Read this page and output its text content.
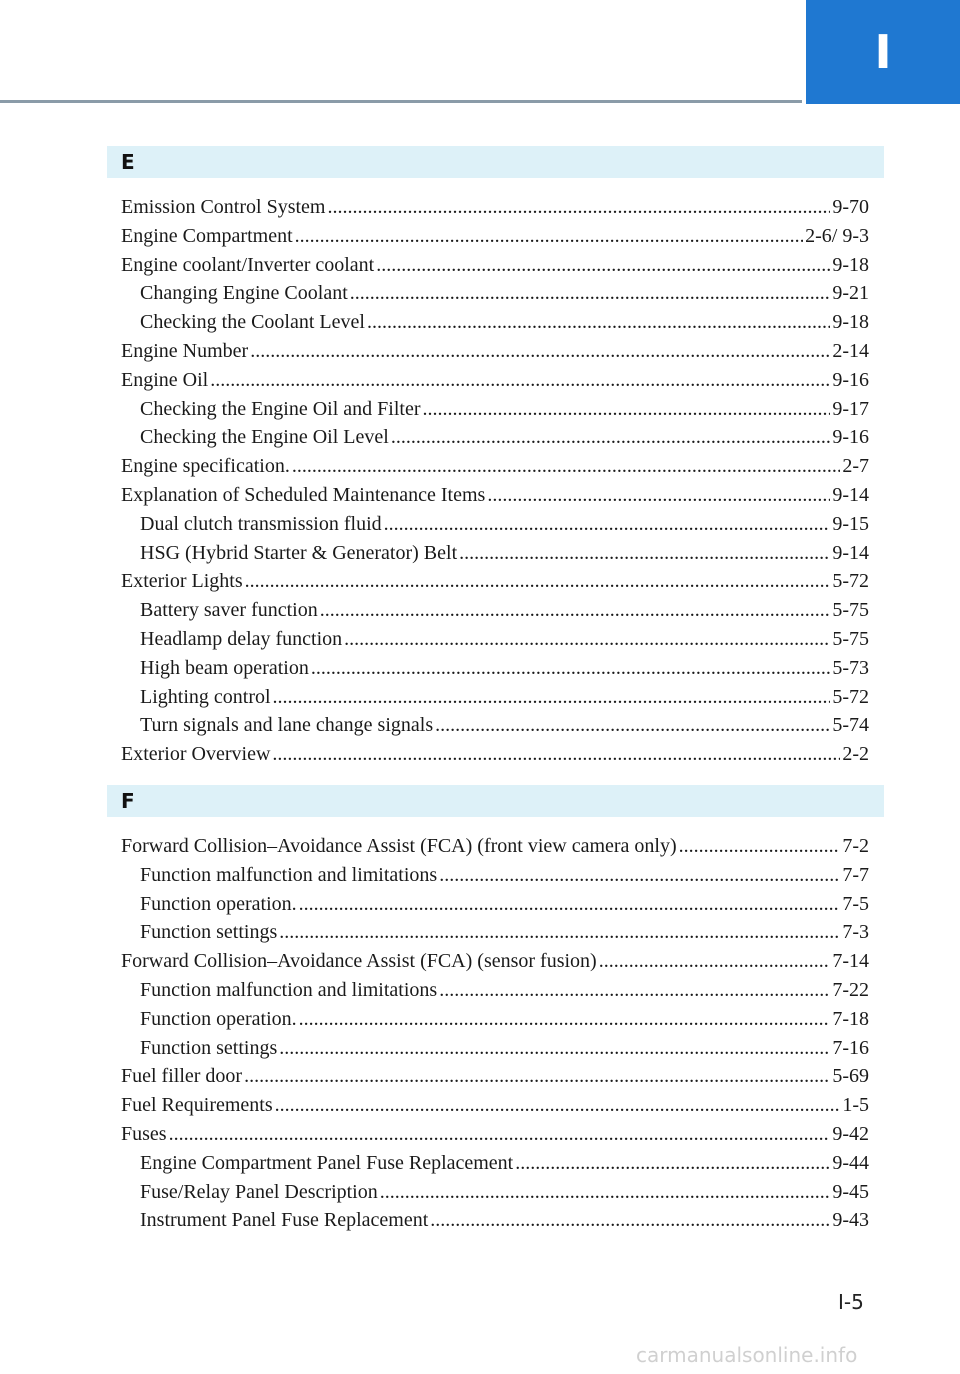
I
E
Emission Control System . . .	9-70
Engine Compartment . . .	2-6/ 9-3
Engine coolant/Inverter coolant . . .	9-18
Changing Engine Coolant . . .	9-21
Checking the Coolant Level . . .	9-18
Engine Number . . .	2-14
Engine Oil . . .	9-16
Checking the Engine Oil and Filter . . .	9-17
Checking the Engine Oil Level . . .	9-16
Engine specification. . . .	2-7
Explanation of Scheduled Maintenance Items . . .	9-14
Dual clutch transmission fluid . . .	9-15
HSG (Hybrid Starter & Generator) Belt . . .	9-14
Exterior Lights . . .	5-72
Battery saver function . . .	5-75
Headlamp delay function . . .	5-75
High beam operation . . .	5-73
Lighting control . . .	5-72
Turn signals and lane change signals . . .	5-74
Exterior Overview . . .	2-2
F
Forward Collision–Avoidance Assist (FCA) (front view camera only) . . .	7-2
Function malfunction and limitations . . .	7-7
Function operation. . . .	7-5
Function settings . . .	7-3
Forward Collision–Avoidance Assist (FCA) (sensor fusion) . . .	7-14
Function malfunction and limitations . . .	7-22
Function operation. . . .	7-18
Function settings . . .	7-16
Fuel filler door . . .	5-69
Fuel Requirements . . .	1-5
Fuses . . .	9-42
Engine Compartment Panel Fuse Replacement . . .	9-44
Fuse/Relay Panel Description . . .	9-45
Instrument Panel Fuse Replacement . . .	9-43
I-5
carmanualsonline.info
